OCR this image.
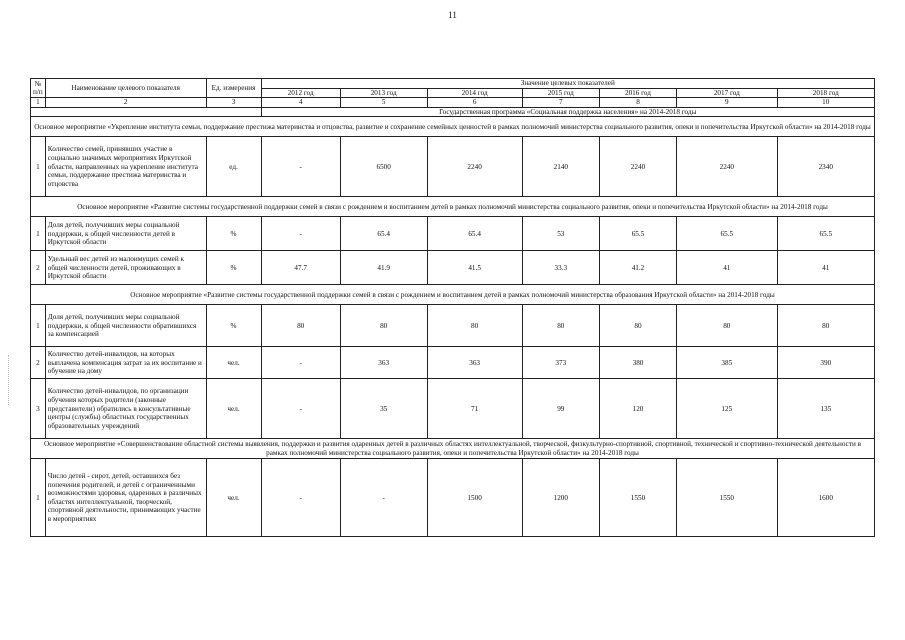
11
№ п/п	Наименование целевого показателя	Ед. измерения	Значение целевых показателей						
			2012 год	2013 год	2014 год	2015 год	2016 год	2017 год	2018 год
1	2	3	4	5	6	7	8	9	10
			Государственная программа «Социальная поддержка населения» на 2014-2018 годы						
Основное мероприятие «Укрепление института семьи, поддержание престижа материнства и отцовства, развитие и сохранение семейных ценностей в рамках полномочий министерства социального развития, опеки и попечительства Иркутской области» на 2014-2018 годы									
1	Количество семей, принявших участие в социально значимых мероприятиях Иркутской области, направленных на укрепление института семьи, поддержание престижа материнства и отцовства	ед.	-	6500	2240	2140	2240	2240	2340
Основное мероприятие «Развитие системы государственной поддержки семей в связи с рождением и воспитанием детей в рамках полномочий министерства социального развития, опеки и попечительства Иркутской области» на 2014-2018 годы									
1	Доля детей, получивших меры социальной поддержки, к общей численности детей в Иркутской области	%	-	65.4	65.4	53	65.5	65.5	65.5
2	Удельный вес детей из малоимущих семей к общей численности детей, проживающих в Иркутской области	%	47.7	41.9	41.5	33.3	41.2	41	41
Основное мероприятие «Развитие системы государственной поддержки семей в связи с рождением и воспитанием детей в рамках полномочий министерства образования Иркутской области» на 2014-2018 годы									
1	Доля детей, получивших меры социальной поддержки, к общей численности обратившихся за компенсацией	%	80	80	80	80	80	80	80
2	Количество детей-инвалидов, на которых выплачена компенсация затрат за их воспитание и обучение на дому	чел.	-	363	363	373	380	385	390
3	Количество детей-инвалидов, по организации обучения которых родители (законные представители) обратились в консультативные центры (службы) областных государственных образовательных учреждений	чел.	-	35	71	99	120	125	135
Основное мероприятие «Совершенствование областной системы выявления, поддержки и развития одаренных детей в различных областях интеллектуальной, творческой, физкультурно-спортивной, спортивной, технической и спортивно-технической деятельности в рамках полномочий министерства социального развития, опеки и попечительства Иркутской области» на 2014-2018 годы									
1	Число детей - сирот, детей, оставшихся без попечения родителей, и детей с ограниченными возможностями здоровья, одаренных в различных областях интеллектуальной, творческой, спортивной деятельности, принимающих участие в мероприятиях	чел.	-	-	1500	1200	1550	1550	1600
